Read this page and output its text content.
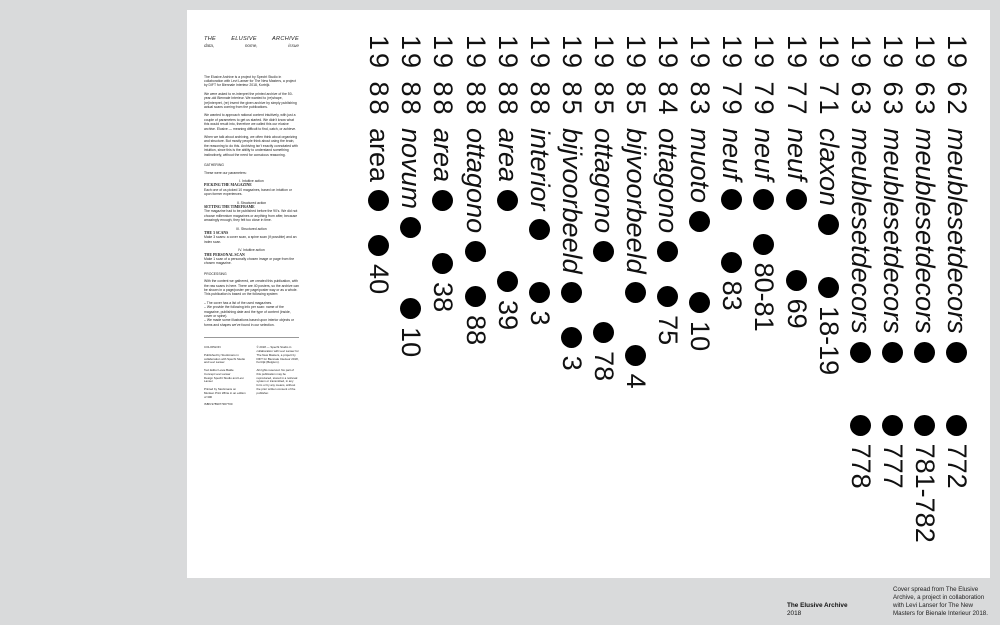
THE	ELUSIVE	ARCHIVE
data,	nome,	issue

The Elusive Archive is a project by Specht Studio in collaboration with Levi Lanser for The New Masters, a project by DIFT for Biennale Interieur 2018, Kortrijk.

We were asked to re-interpret the printed archive of the 50-year-old Biennale Interieur. We wanted to (re)shape, (re)interpret, (re) invent the given archive by simply publishing actual scans coming from the publications.

We wanted to approach rational content intuitively, with just a couple of parameters to get us started. We didn't know what this would result into, therefore we called this our elusive archive. Elusive — meaning difficult to find, catch, or achieve.

When we talk about archiving, we often think about organizing and structure. But mostly people think about using the brain, the reasoning to do this. Archiving isn't exactly connotated with intuition, since this is the ability to understand something instinctively, without the need for conscious reasoning.

GATHERING

These were our parameters:

I. Intuitive action
PICKING THE MAGAZINE

Each one of us picked 10 magazines, based on intuition or upon former experiences.

II. Structured action
SETTING THE TIMEFRAME

The magazine had to be published before the 90's. We did not choose millennium magazines or anything from after, because amazingly enough, they felt too close in time.

III. Structured action
THE 3 SCANS

Make 3 scans: a cover scan, a spine scan (if possible) and an index scan.

IV. Intuitive action
THE PERSONAL SCAN

Make 1 scan of a personally chosen image or page from the chosen magazine.

PROCESSING

With the content we gathered, we created this publication, with the raw scans in here. There are 40 posters, so the archive can be shown in a page/poster per page/poster way or as a whole. This publication is based on the following system:

– The cover has a list of the used magazines.
– We provide the following info per scan: name of the magazine, publishing date and the type of content (inside, cover or spine).
– We made some illustrations based upon interior objects or forms and shapes we've found in our selection.
COLOPHON

Published by Stockmans in collaboration with Specht Studio and Levi Lanser

Text Editor Levie Balde
Concept Levi Lanser
Design Specht Studio and Levi Lanser

Printed by Stockmans on Munken Print White in an edition of 300

ISBN 9789077307700
© 2018 — Specht Studio in collaboration with Levi Lanser for The New Masters, a project by DIFT for Biennale Interieur 2018, Kortrijk (Belgium).

All rights reserved. No part of this publication may be reproduced, stored in a retrieval system or transmitted, in any form or by any means, without the prior written consent of the publisher.
19 62
meublesetdecors
772
19 63
meublesetdecors
781-782
19 63
meublesetdecors
777
19 63
meublesetdecors
778
19 71
claxon
18-19
19 77
neuf
69
19 79
neuf
80-81
19 79
neuf
83
19 83
muoto
10
19 84
ottagono
75
19 85
bijvoorbeeld
4
19 85
ottagono
78
19 85
bijvoorbeeld
3
19 88
interior
3
19 88
area
39
19 88
ottagono
88
19 88
area
38
19 88
novum
10
19 88
area
40
The Elusive Archive
2018
Cover spread from The Elusive Archive, a project in collaboration with Levi Lanser for The New Masters for Bienale Interieur 2018.
